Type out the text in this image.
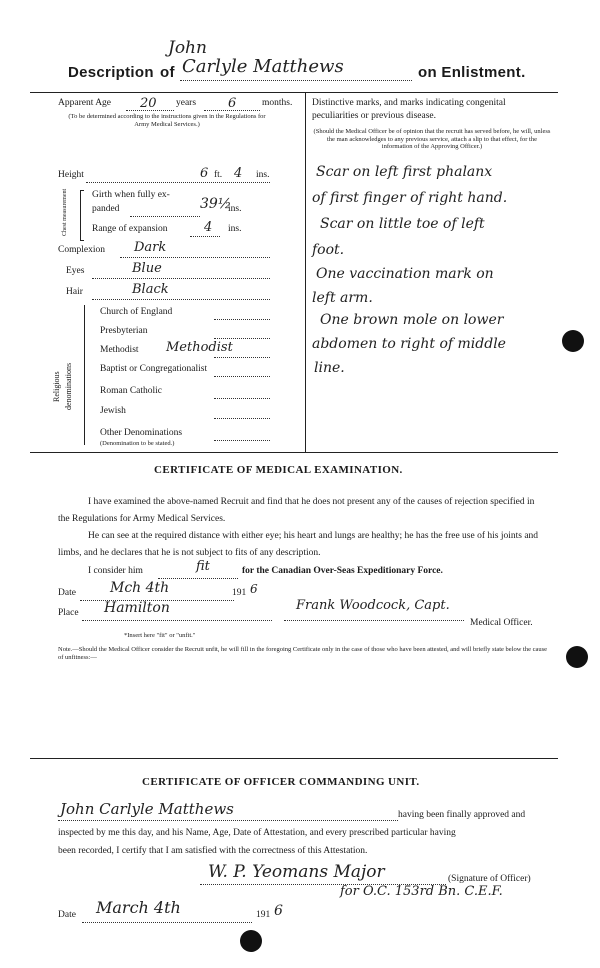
John
Description of Carlyle Matthews	on Enlistment.
Apparent Age 20 years 6	months.
(To be determined according to the instructions given in the Regulations for Army Medical Services.)
Height	6 ft. 4 ins.
Chest measurement	Girth when fully ex-
panded	39½
ins.
Range of expansion	4 ins.
Complexion Dark
Eyes	Blue
Hair	Black
Religious denominations
Church of England
Presbyterian
Methodist Methodist
Baptist or Congregationalist
Roman Catholic
Jewish
Other Denominations
(Denomination to be stated.)
Distinctive marks, and marks indicating congenital
peculiarities or previous disease.
(Should the Medical Officer be of opinion that the recruit has served before, he will, unless the man acknowledges to any previous service, attach a slip to that effect, for the information of the Approving Officer.)
Scar on left first phalanx
of first finger of right hand.
Scar on little toe of left
foot.
One vaccination mark on
left arm.
One brown mole on lower
abdomen to right of middle
line.
CERTIFICATE OF MEDICAL EXAMINATION.
I have examined the above-named Recruit and find that he does not present any of the causes of rejection specified in the Regulations for Army Medical Services.
He can see at the required distance with either eye; his heart and lungs are healthy; he has the free use of his joints and limbs, and he declares that he is not subject to fits of any description.
I consider him	fit	for the Canadian Over-Seas Expeditionary Force.
Date Mch 4th	191 6
Place Hamilton	Frank Woodcock, Capt.
Medical Officer.
*Insert here "fit" or "unfit."
Note.—Should the Medical Officer consider the Recruit unfit, he will fill in the foregoing Certificate only in the case of those who have been attested, and will briefly state below the cause of unfitness:—
CERTIFICATE OF OFFICER COMMANDING UNIT.
John Carlyle Matthews	having been finally approved and
inspected by me this day, and his Name, Age, Date of Attestation, and every prescribed particular having
been recorded, I certify that I am satisfied with the correctness of this Attestation.
W. P. Yeomans Major	(Signature of Officer)
for O.C. 153rd Bn. C.E.F.
Date March 4th	191 6
